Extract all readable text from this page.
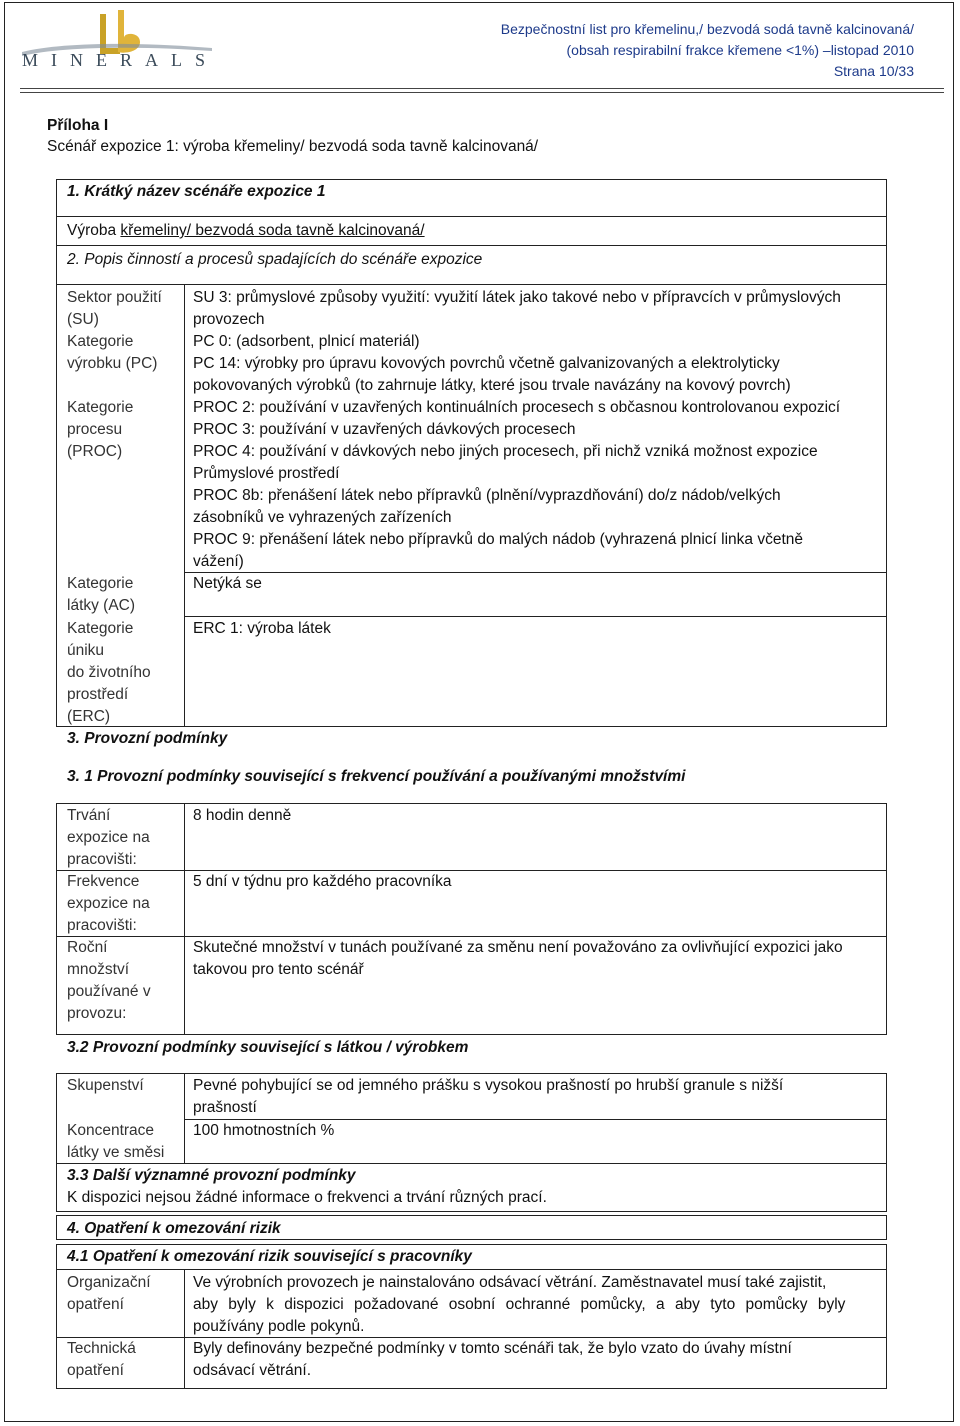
MINERALS
Bezpečnostní list pro křemelinu,/ bezvodá sodá tavně kalcinovaná/
(obsah respirabilní frakce křemene <1%) –listopad 2010
Strana 10/33
Příloha I
Scénář expozice 1: výroba křemeliny/ bezvodá soda tavně kalcinovaná/
1. Krátký název scénáře expozice 1
Výroba křemeliny/ bezvodá soda tavně kalcinovaná/
2. Popis činností a procesů spadajících do scénáře expozice
Sektor použití
(SU)
SU 3: průmyslové způsoby využití: využití látek jako takové nebo v přípravcích v průmyslových
provozech
Kategorie
výrobku (PC)
PC 0: (adsorbent, plnicí materiál)
PC 14: výrobky pro úpravu kovových povrchů včetně galvanizovaných a elektrolyticky
pokovovaných výrobků (to zahrnuje látky, které jsou trvale navázány na kovový povrch)
Kategorie
procesu
(PROC)
PROC 2: používání v uzavřených kontinuálních procesech s občasnou kontrolovanou expozicí
PROC 3: používání v uzavřených dávkových procesech
PROC 4: používání v dávkových nebo jiných procesech, při nichž vzniká možnost expozice
Průmyslové prostředí
PROC 8b: přenášení látek nebo přípravků (plnění/vyprazdňování) do/z nádob/velkých
zásobníků ve vyhrazených zařízeních
PROC 9: přenášení látek nebo přípravků do malých nádob (vyhrazená plnicí linka včetně
vážení)
Kategorie
látky (AC)
Netýká se
Kategorie
úniku
do životního
prostředí
(ERC)
ERC 1: výroba látek
3. Provozní podmínky
3. 1 Provozní podmínky související s frekvencí používání a používanými množstvími
Trvání
expozice na
pracovišti:
8 hodin denně
Frekvence
expozice na
pracovišti:
5 dní v týdnu pro každého pracovníka
Roční
množství
používané v
provozu:
Skutečné množství v tunách používané za směnu není považováno za ovlivňující expozici jako
takovou pro tento scénář
3.2 Provozní podmínky související s látkou / výrobkem
Skupenství	Pevné pohybující se od jemného prášku s vysokou prašností po hrubší granule s nižší
prašností
Koncentrace
látky ve směsi
100 hmotnostních %
3.3 Další významné provozní podmínky
K dispozici nejsou žádné informace o frekvenci a trvání různých prací.
4. Opatření k omezování rizik
4.1 Opatření k omezování rizik související s pracovníky
Organizační
opatření
Ve výrobních provozech je nainstalováno odsávací větrání. Zaměstnavatel musí také zajistit,
aby byly k dispozici požadované osobní ochranné pomůcky, a aby tyto pomůcky byly
používány podle pokynů.
Technická
opatření
Byly definovány bezpečné podmínky v tomto scénáři tak, že bylo vzato do úvahy místní
odsávací větrání.
